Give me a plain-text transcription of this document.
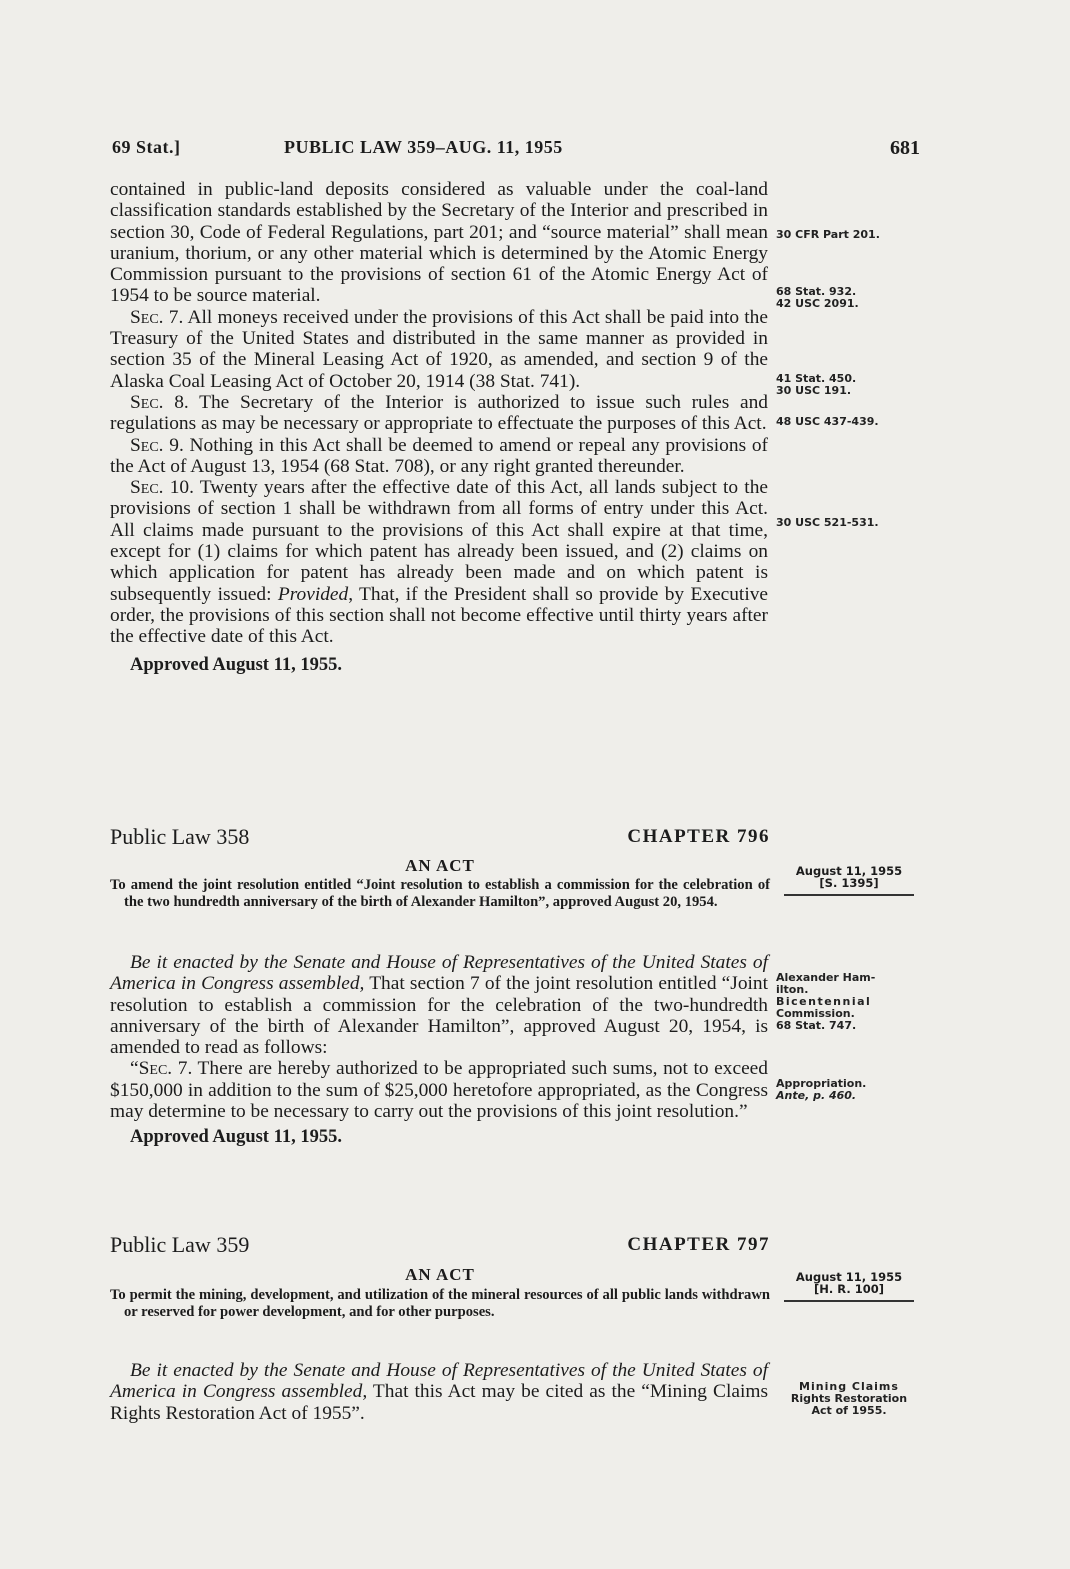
69 Stat.]	PUBLIC LAW 359–AUG. 11, 1955	681

contained in public-land deposits considered as valuable under the coal-land classification standards established by the Secretary of the Interior and prescribed in section 30, Code of Federal Regulations, part 201; and “source material” shall mean uranium, thorium, or any other material which is determined by the Atomic Energy Commission pursuant to the provisions of section 61 of the Atomic Energy Act of 1954 to be source material.

Sec. 7. All moneys received under the provisions of this Act shall be paid into the Treasury of the United States and distributed in the same manner as provided in section 35 of the Mineral Leasing Act of 1920, as amended, and section 9 of the Alaska Coal Leasing Act of October 20, 1914 (38 Stat. 741).

Sec. 8. The Secretary of the Interior is authorized to issue such rules and regulations as may be necessary or appropriate to effectuate the purposes of this Act.

Sec. 9. Nothing in this Act shall be deemed to amend or repeal any provisions of the Act of August 13, 1954 (68 Stat. 708), or any right granted thereunder.

Sec. 10. Twenty years after the effective date of this Act, all lands subject to the provisions of section 1 shall be withdrawn from all forms of entry under this Act. All claims made pursuant to the provisions of this Act shall expire at that time, except for (1) claims for which patent has already been issued, and (2) claims on which application for patent has already been made and on which patent is subsequently issued: Provided, That, if the President shall so provide by Executive order, the provisions of this section shall not become effective until thirty years after the effective date of this Act.

Approved August 11, 1955.

Public Law 358	CHAPTER 796
AN ACT

To amend the joint resolution entitled “Joint resolution to establish a commission for the celebration of the two hundredth anniversary of the birth of Alexander Hamilton”, approved August 20, 1954.

Be it enacted by the Senate and House of Representatives of the United States of America in Congress assembled, That section 7 of the joint resolution entitled “Joint resolution to establish a commission for the celebration of the two-hundredth anniversary of the birth of Alexander Hamilton”, approved August 20, 1954, is amended to read as follows:

“Sec. 7. There are hereby authorized to be appropriated such sums, not to exceed $150,000 in addition to the sum of $25,000 heretofore appropriated, as the Congress may determine to be necessary to carry out the provisions of this joint resolution.”

Approved August 11, 1955.

Public Law 359	CHAPTER 797
AN ACT

To permit the mining, development, and utilization of the mineral resources of all public lands withdrawn or reserved for power development, and for other purposes.

Be it enacted by the Senate and House of Representatives of the United States of America in Congress assembled, That this Act may be cited as the “Mining Claims Rights Restoration Act of 1955”.

30 CFR Part 201.
68 Stat. 932.
42 USC 2091.
41 Stat. 450.
30 USC 191.
48 USC 437-439.
30 USC 521-531.
August 11, 1955
[S. 1395]
Alexander Ham-
ilton.
Bicentennial
Commission.
68 Stat. 747.
Appropriation.
Ante, p. 460.
August 11, 1955
[H. R. 100]
Mining Claims
Rights Restoration
Act of 1955.
